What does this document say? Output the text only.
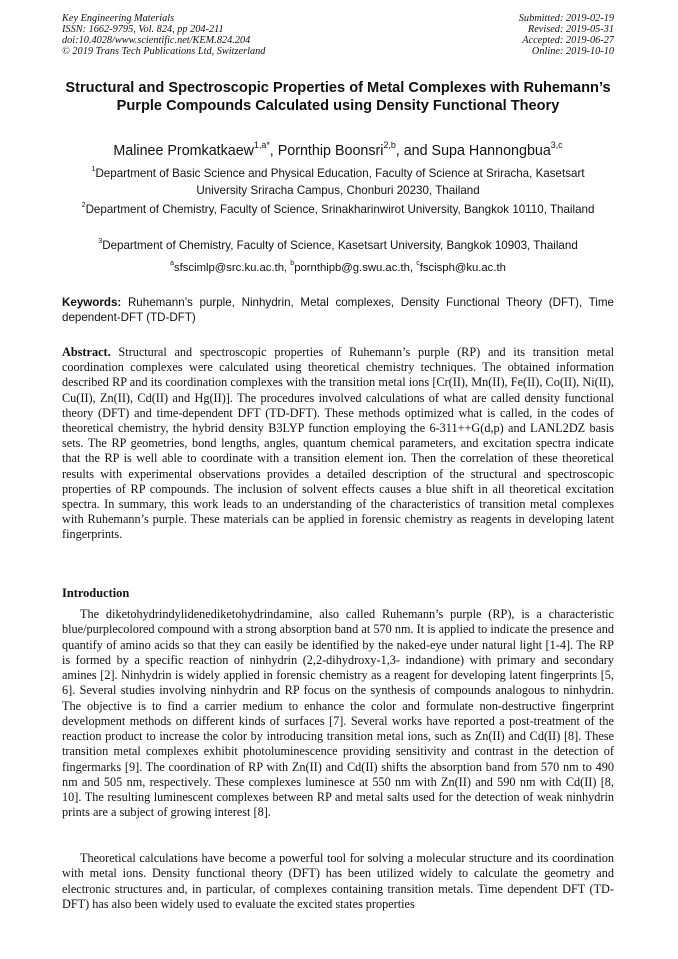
Key Engineering Materials
ISSN: 1662-9795, Vol. 824, pp 204-211
doi:10.4028/www.scientific.net/KEM.824.204
© 2019 Trans Tech Publications Ltd, Switzerland
Submitted: 2019-02-19
Revised: 2019-05-31
Accepted: 2019-06-27
Online: 2019-10-10
Structural and Spectroscopic Properties of Metal Complexes with Ruhemann’s Purple Compounds Calculated using Density Functional Theory
Malinee Promkatkaew$^{1,a*}$, Pornthip Boonsri$^{2,b}$, and Supa Hannongbua$^{3,c}$
$^1$Department of Basic Science and Physical Education, Faculty of Science at Sriracha, Kasetsart University Sriracha Campus, Chonburi 20230, Thailand
$^2$Department of Chemistry, Faculty of Science, Srinakharinwirot University, Bangkok 10110, Thailand
$^3$Department of Chemistry, Faculty of Science, Kasetsart University, Bangkok 10903, Thailand
$^a$sfscimlp@src.ku.ac.th, $^b$pornthipb@g.swu.ac.th, $^c$fscisph@ku.ac.th
Keywords: Ruhemann’s purple, Ninhydrin, Metal complexes, Density Functional Theory (DFT), Time dependent-DFT (TD-DFT)
Abstract. Structural and spectroscopic properties of Ruhemann’s purple (RP) and its transition metal coordination complexes were calculated using theoretical chemistry techniques. The obtained information described RP and its coordination complexes with the transition metal ions [Cr(II), Mn(II), Fe(II), Co(II), Ni(II), Cu(II), Zn(II), Cd(II) and Hg(II)]. The procedures involved calculations of what are called density functional theory (DFT) and time-dependent DFT (TD-DFT). These methods optimized what is called, in the codes of theoretical chemistry, the hybrid density B3LYP function employing the 6-311++G(d,p) and LANL2DZ basis sets. The RP geometries, bond lengths, angles, quantum chemical parameters, and excitation spectra indicate that the RP is well able to coordinate with a transition element ion. Then the correlation of these theoretical results with experimental observations provides a detailed description of the structural and spectroscopic properties of RP compounds. The inclusion of solvent effects causes a blue shift in all theoretical excitation spectra. In summary, this work leads to an understanding of the characteristics of transition metal complexes with Ruhemann’s purple. These materials can be applied in forensic chemistry as reagents in developing latent fingerprints.
Introduction
The diketohydrindylidenediketohydrindamine, also called Ruhemann’s purple (RP), is a characteristic blue/purplecolored compound with a strong absorption band at 570 nm. It is applied to indicate the presence and quantify of amino acids so that they can easily be identified by the naked-eye under natural light [1-4]. The RP is formed by a specific reaction of ninhydrin (2,2-dihydroxy-1,3- indandione) with primary and secondary amines [2]. Ninhydrin is widely applied in forensic chemistry as a reagent for developing latent fingerprints [5, 6]. Several studies involving ninhydrin and RP focus on the synthesis of compounds analogous to ninhydrin. The objective is to find a carrier medium to enhance the color and formulate non-destructive fingerprint development methods on different kinds of surfaces [7]. Several works have reported a post-treatment of the reaction product to increase the color by introducing transition metal ions, such as Zn(II) and Cd(II) [8]. These transition metal complexes exhibit photoluminescence providing sensitivity and contrast in the detection of fingermarks [9]. The coordination of RP with Zn(II) and Cd(II) shifts the absorption band from 570 nm to 490 nm and 505 nm, respectively. These complexes luminesce at 550 nm with Zn(II) and 590 nm with Cd(II) [8, 10]. The resulting luminescent complexes between RP and metal salts used for the detection of weak ninhydrin prints are a subject of growing interest [8].
Theoretical calculations have become a powerful tool for solving a molecular structure and its coordination with metal ions. Density functional theory (DFT) has been utilized widely to calculate the geometry and electronic structures and, in particular, of complexes containing transition metals. Time dependent DFT (TD-DFT) has also been widely used to evaluate the excited states properties
